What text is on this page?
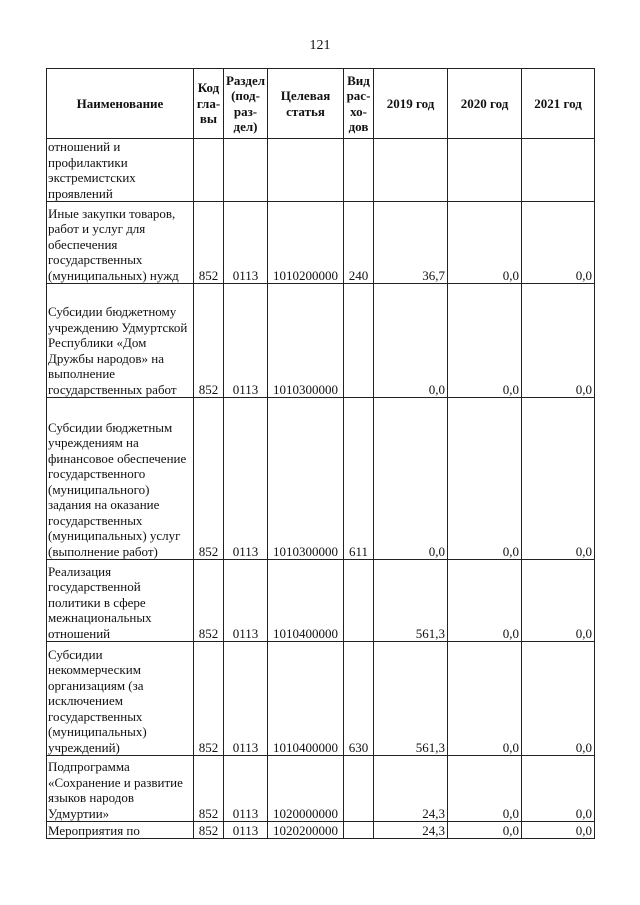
121
Наименование	Код гла-вы	Раздел (под-раз-дел)	Целевая статья	Вид рас-хо-дов	2019 год	2020 год	2021 год
отношений и профилактики экстремистских проявлений							
Иные закупки товаров, работ и услуг для обеспечения государственных (муниципальных) нужд	852	0113	1010200000	240	36,7	0,0	0,0
Субсидии бюджетному учреждению Удмуртской Республики «Дом Дружбы народов» на выполнение государственных работ	852	0113	1010300000		0,0	0,0	0,0
Субсидии бюджетным учреждениям на финансовое обеспечение государственного (муниципального) задания на оказание государственных (муниципальных) услуг (выполнение работ)	852	0113	1010300000	611	0,0	0,0	0,0
Реализация государственной политики в сфере межнациональных отношений	852	0113	1010400000		561,3	0,0	0,0
Субсидии некоммерческим организациям (за исключением государственных (муниципальных) учреждений)	852	0113	1010400000	630	561,3	0,0	0,0
Подпрограмма «Сохранение и развитие языков народов Удмуртии»	852	0113	1020000000		24,3	0,0	0,0
Мероприятия по	852	0113	1020200000		24,3	0,0	0,0
